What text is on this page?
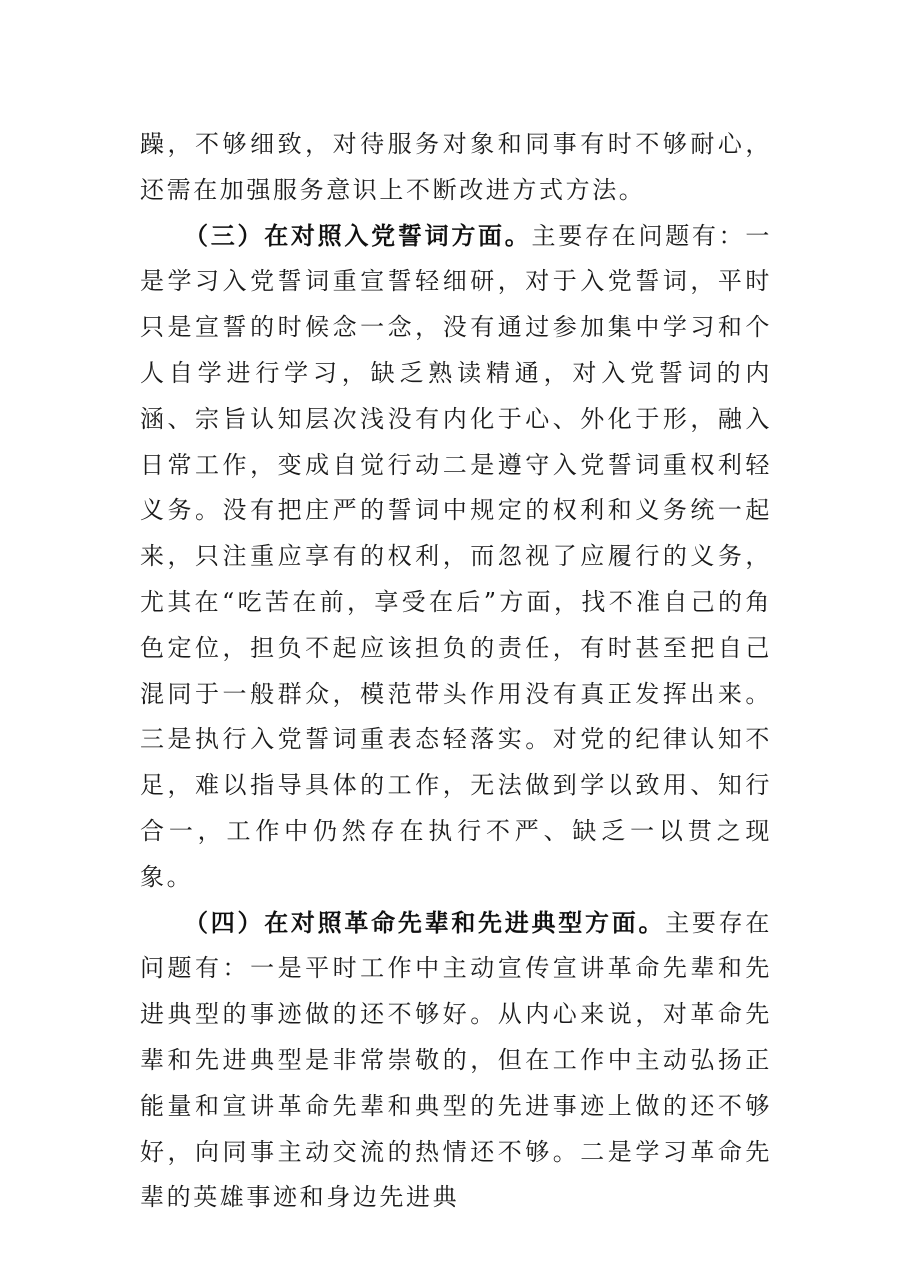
躁，不够细致，对待服务对象和同事有时不够耐心，还需在加强服务意识上不断改进方式方法。

（三）在对照入党誓词方面。主要存在问题有：一是学习入党誓词重宣誓轻细研，对于入党誓词，平时只是宣誓的时候念一念，没有通过参加集中学习和个人自学进行学习，缺乏熟读精通，对入党誓词的内涵、宗旨认知层次浅没有内化于心、外化于形，融入日常工作，变成自觉行动二是遵守入党誓词重权利轻义务。没有把庄严的誓词中规定的权利和义务统一起来，只注重应享有的权利，而忽视了应履行的义务，尤其在“吃苦在前，享受在后”方面，找不准自己的角色定位，担负不起应该担负的责任，有时甚至把自己混同于一般群众，模范带头作用没有真正发挥出来。三是执行入党誓词重表态轻落实。对党的纪律认知不足，难以指导具体的工作，无法做到学以致用、知行合一，工作中仍然存在执行不严、缺乏一以贯之现象。

（四）在对照革命先辈和先进典型方面。主要存在问题有：一是平时工作中主动宣传宣讲革命先辈和先进典型的事迹做的还不够好。从内心来说，对革命先辈和先进典型是非常崇敬的，但在工作中主动弘扬正能量和宣讲革命先辈和典型的先进事迹上做的还不够好，向同事主动交流的热情还不够。二是学习革命先辈的英雄事迹和身边先进典
